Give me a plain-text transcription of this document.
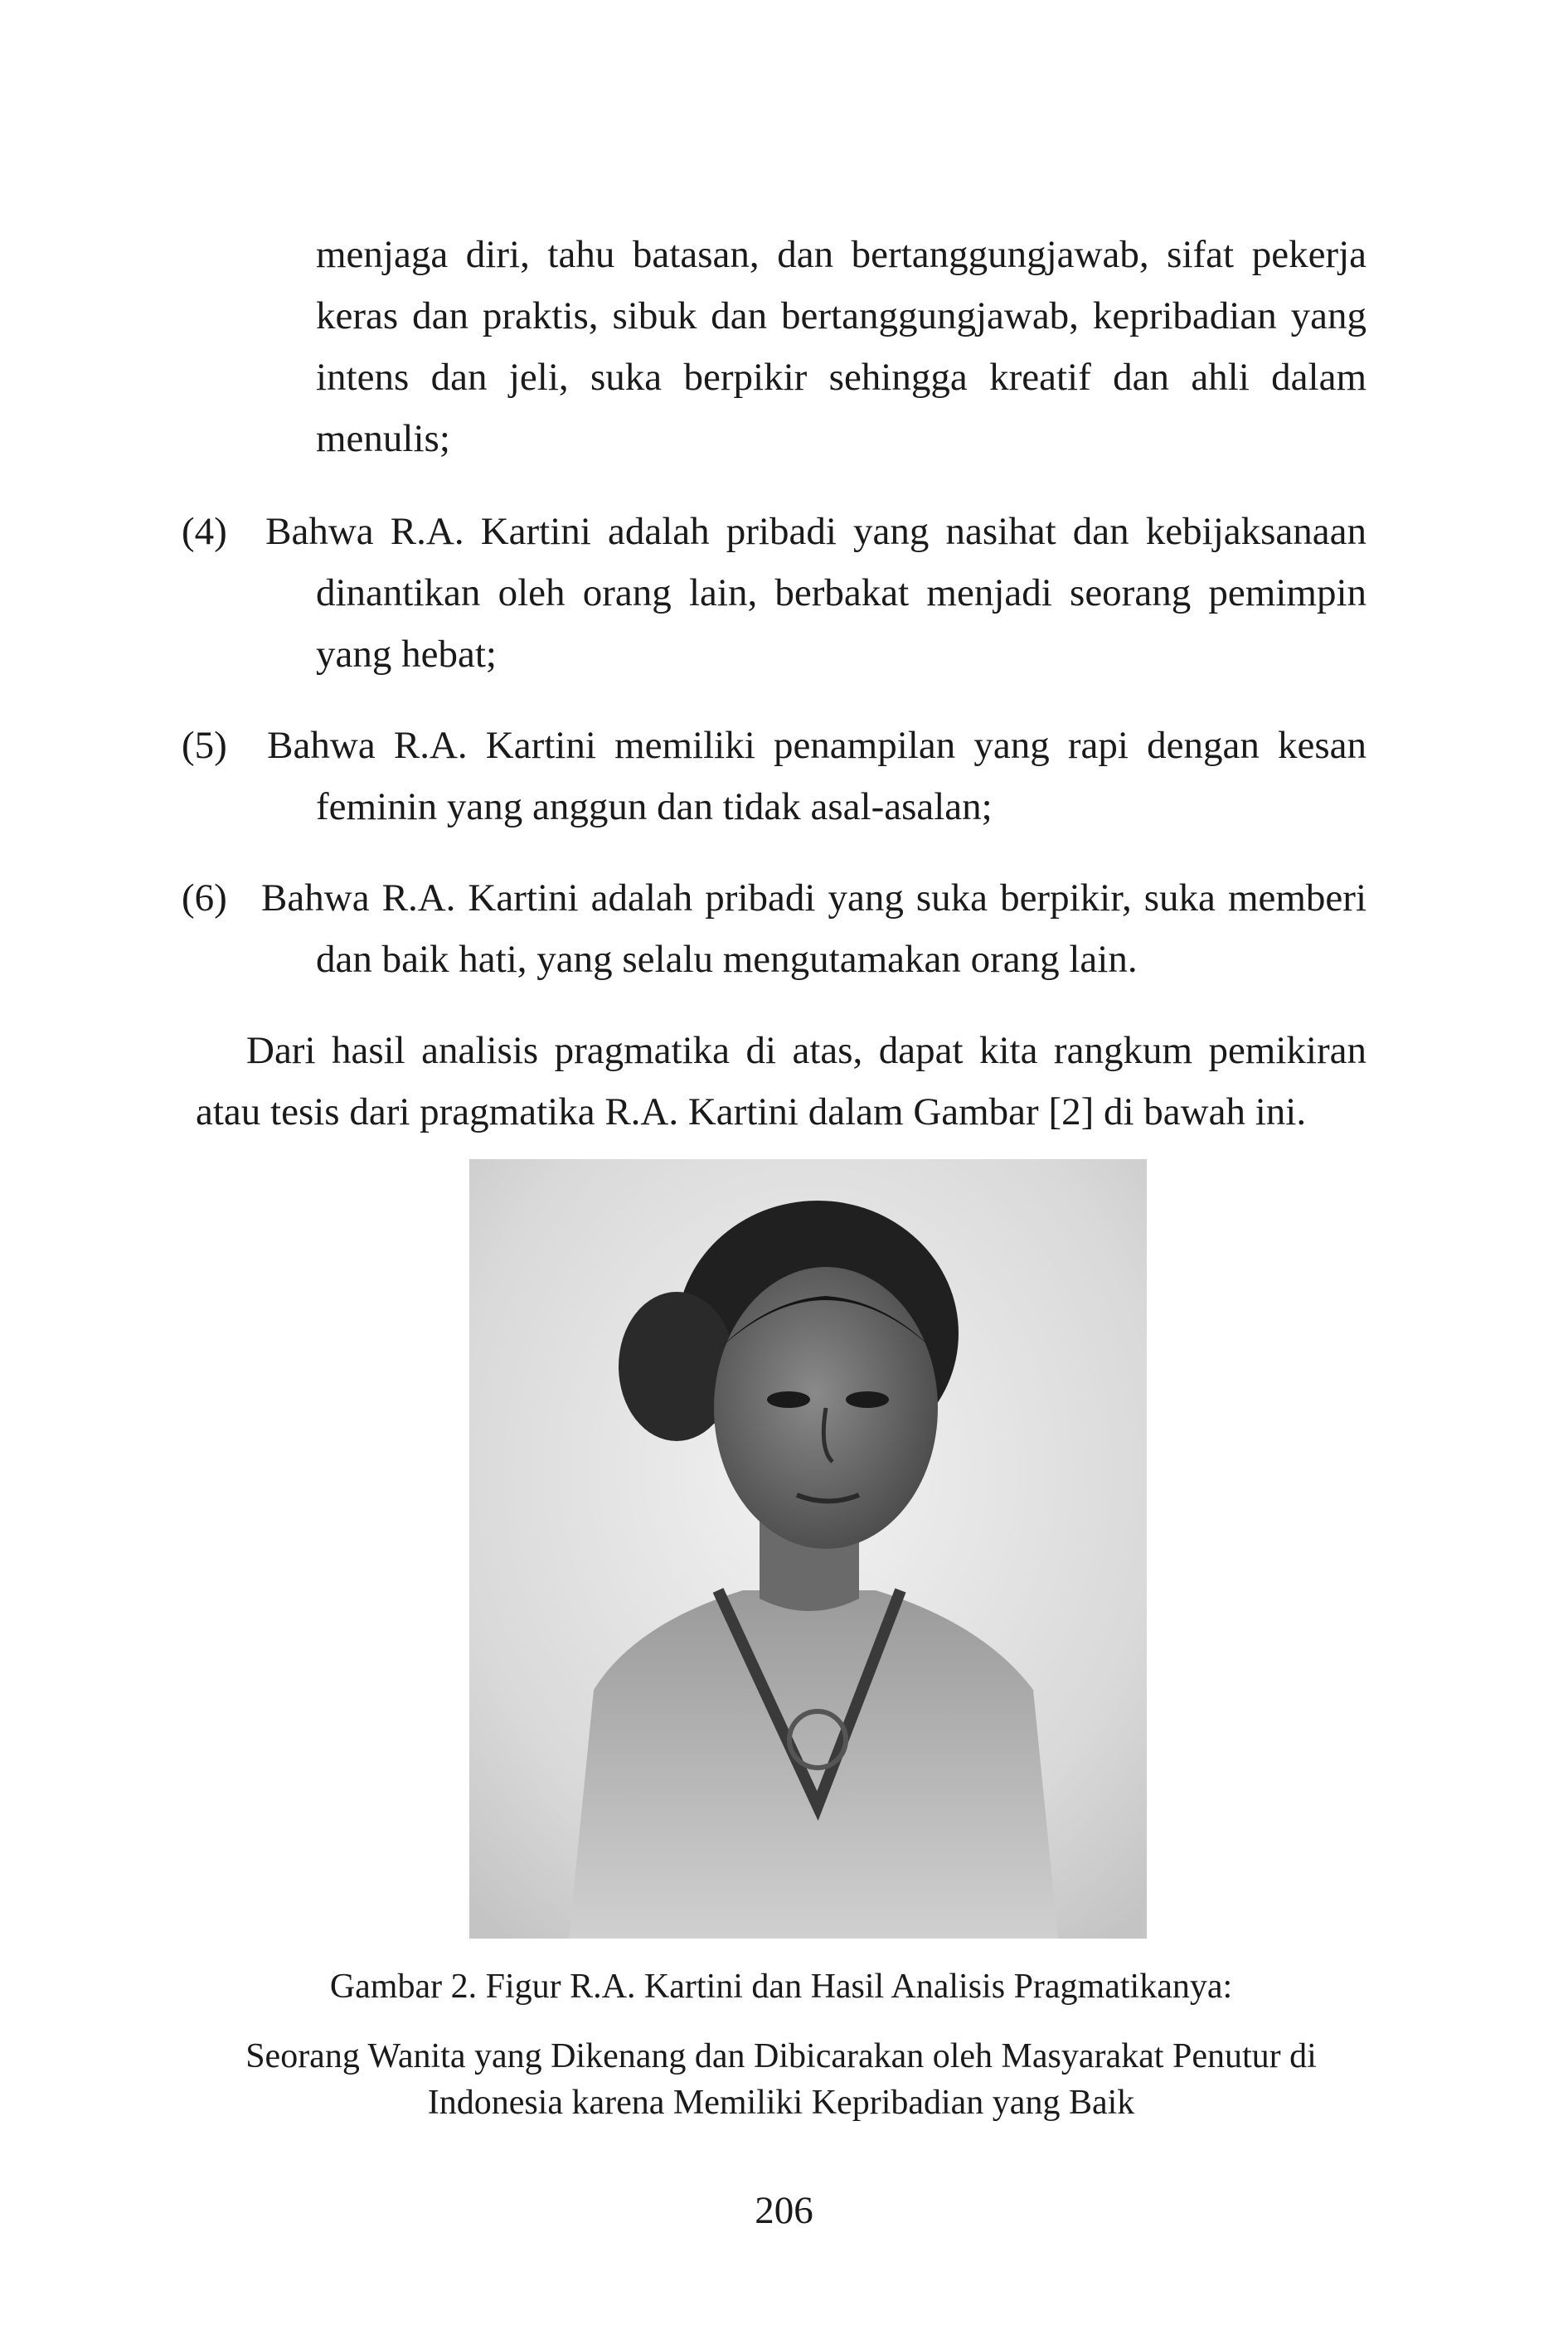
menjaga diri, tahu batasan, dan bertanggungjawab, sifat pekerja keras dan praktis, sibuk dan bertanggungjawab, kepribadian yang intens dan jeli, suka berpikir sehingga kreatif dan ahli dalam menulis;

(4) Bahwa R.A. Kartini adalah pribadi yang nasihat dan kebijaksanaan dinantikan oleh orang lain, berbakat menjadi seorang pemimpin yang hebat;

(5) Bahwa R.A. Kartini memiliki penampilan yang rapi dengan kesan feminin yang anggun dan tidak asal-asalan;

(6) Bahwa R.A. Kartini adalah pribadi yang suka berpikir, suka memberi dan baik hati, yang selalu mengutamakan orang lain.

Dari hasil analisis pragmatika di atas, dapat kita rangkum pemikiran atau tesis dari pragmatika R.A. Kartini dalam Gambar [2] di bawah ini.

Gambar 2. Figur R.A. Kartini dan Hasil Analisis Pragmatikanya:
Seorang Wanita yang Dikenang dan Dibicarakan oleh Masyarakat Penutur di Indonesia karena Memiliki Kepribadian yang Baik
206
